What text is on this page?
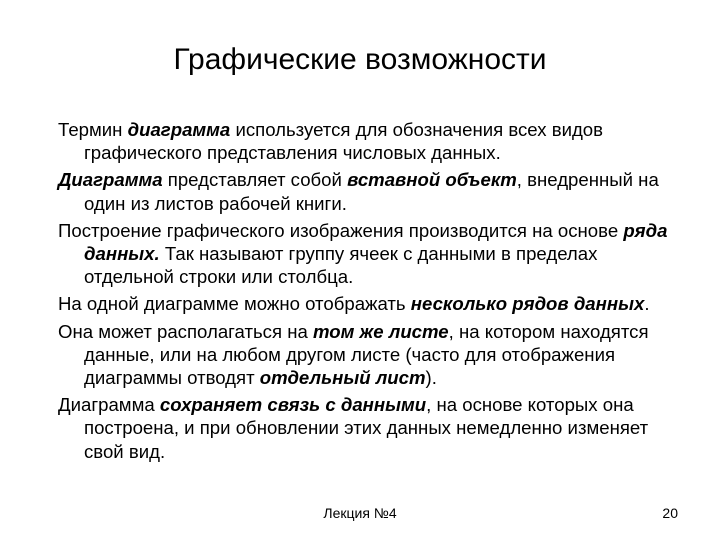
Графические возможности

Термин диаграмма используется для обозначения всех видов графического представления числовых данных.

Диаграмма представляет собой вставной объект, внедренный на один из листов рабочей книги.

Построение графического изображения производится на основе ряда данных. Так называют группу ячеек с данными в пределах отдельной строки или столбца.

На одной диаграмме можно отображать несколько рядов данных.

Она может располагаться на том же листе, на котором находятся данные, или на любом другом листе (часто для отображения диаграммы отводят отдельный лист).

Диаграмма сохраняет связь с данными, на основе которых она построена, и при обновлении этих данных немедленно изменяет свой вид.

Лекция №4	20
